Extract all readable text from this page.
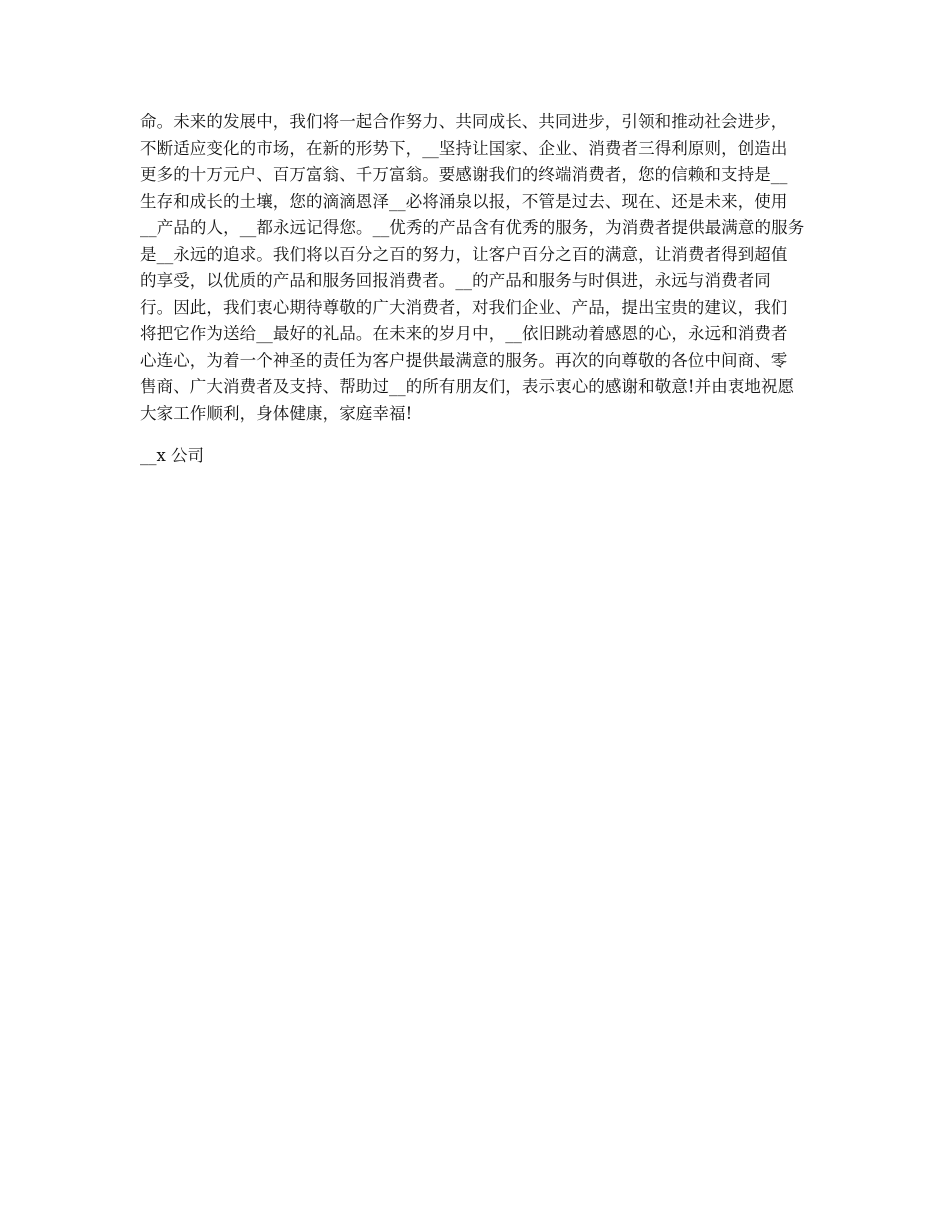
命。未来的发展中，我们将一起合作努力、共同成长、共同进步，引领和推动社会进步，
不断适应变化的市场，在新的形势下，__坚持让国家、企业、消费者三得利原则，创造出
更多的十万元户、百万富翁、千万富翁。要感谢我们的终端消费者，您的信赖和支持是__
生存和成长的土壤，您的滴滴恩泽__必将涌泉以报，不管是过去、现在、还是未来，使用
__产品的人，__都永远记得您。__优秀的产品含有优秀的服务，为消费者提供最满意的服务
是__永远的追求。我们将以百分之百的努力，让客户百分之百的满意，让消费者得到超值
的享受，以优质的产品和服务回报消费者。__的产品和服务与时俱进，永远与消费者同
行。因此，我们衷心期待尊敬的广大消费者，对我们企业、产品，提出宝贵的建议，我们
将把它作为送给__最好的礼品。在未来的岁月中，__依旧跳动着感恩的心，永远和消费者
心连心，为着一个神圣的责任为客户提供最满意的服务。再次的向尊敬的各位中间商、零
售商、广大消费者及支持、帮助过__的所有朋友们，表示衷心的感谢和敬意!并由衷地祝愿
大家工作顺利，身体健康，家庭幸福!

__x 公司
